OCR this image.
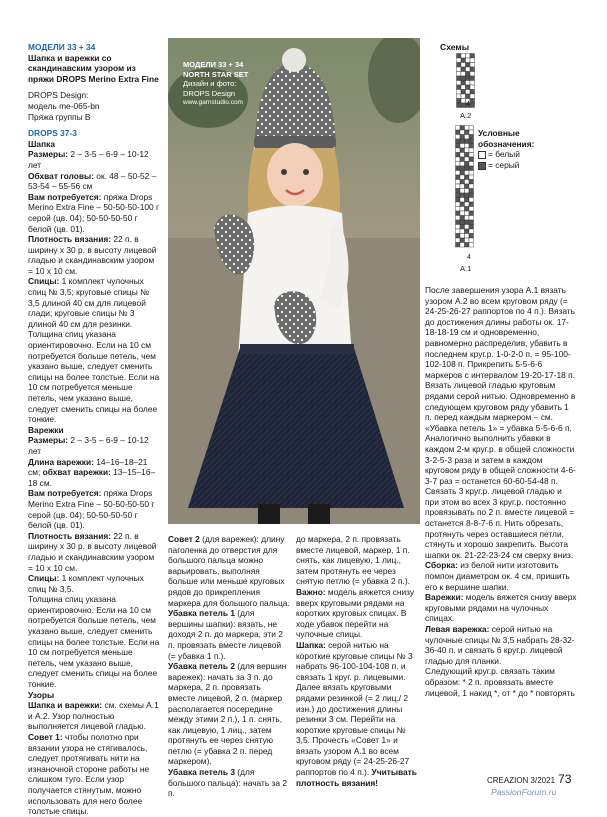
МОДЕЛИ 33 + 34

Шапка и варежки со скандинавским узором из пряжи DROPS Merino Extra Fine

DROPS Design:

модель me-065-bn

Пряжа группы B

DROPS 37-3

Шапка

Размеры: 2 – 3-5 – 6-9 – 10-12 лет

Обхват головы: ок. 48 – 50-52 – 53-54 – 55-56 см

Вам потребуется: пряжа Drops Merino Extra Fine – 50-50-50-100 г серой (цв. 04); 50-50-50-50 г белой (цв. 01).

Плотность вязания: 22 п. в ширину х 30 р. в высоту лицевой гладью и скандинавским узором = 10 x 10 см.

Спицы: 1 комплект чулочных спиц № 3,5; круговые спицы № 3,5 длиной 40 см для лицевой глади; круговые спицы № 3 длиной 40 см для резинки.

Толщина спиц указана ориентировочно. Если на 10 см потребуется больше петель, чем указано выше, следует сменить спицы на более толстые. Если на 10 см потребуется меньше петель, чем указано выше, следует сменить спицы на более тонкие.

Варежки

Размеры: 2 – 3-5 – 6-9 – 10-12 лет

Длина варежки: 14–16–18–21 см; обхват варежки: 13–15–16–18 см.

Вам потребуется: пряжа Drops Merino Extra Fine – 50-50-50-50 г серой (цв. 04); 50-50-50-50 г белой (цв. 01).

Плотность вязания: 22 п. в ширину х 30 р. в высоту лицевой гладью и скандинавским узором = 10 x 10 см.

Спицы: 1 комплект чулочных спиц № 3,5.

Толщина спиц указана ориентировочно. Если на 10 см потребуется больше петель, чем указано выше, следует сменить спицы на более толстые. Если на 10 см потребуется меньше петель, чем указано выше, следует сменить спицы на более тонкие.

Узоры

Шапка и варежки: см. схемы А.1 и А.2. Узор полностью выполняется лицевой гладью.

Совет 1: чтобы полотно при вязании узора не стягивалось, следует протягивать нити на изнаночной стороне работы не слишком туго. Если узор получается стянутым, можно использовать для него более толстые спицы.

МОДЕЛИ 33 + 34
NORTH STAR SET
Дизайн и фото:
DROPS Design
www.garnstudio.com
Схемы
4
A.2
4
A.1
Условные
обозначения:
= белый
= серый

Совет 2 (для варежек): длину паголенка до отверстия для большого пальца можно варьировать, выполняя больше или меньше круговых рядов до прикрепления маркера для большого пальца.

Убавка петель 1 (для вершины шапки): вязать, не доходя 2 п. до маркера, эти 2 п. провязать вместе лицевой (= убавка 1 п.).

Убавка петель 2 (для вершин варежек): начать за 3 п. до маркера, 2 п. провязать вместе лицевой, 2 п. (маркер располагается посередине между этими 2 п.), 1 п. снять, как лицевую, 1 лиц., затем протянуть ее через снятую петлю (= убавка 2 п. перед маркером).

Убавка петель 3 (для большого пальца): начать за 2 п.

до маркера, 2 п. провязать вместе лицевой, маркер, 1 п. снять, как лицевую, 1 лиц., затем протянуть ее через снятую петлю (= убавка 2 п.).

Важно: модель вяжется снизу вверх круговыми рядами на коротких круговых спицах. В ходе убавок перейти на чулочные спицы.

Шапка: серой нитью на короткие круговые спицы № 3 набрать 96-100-104-108 п. и связать 1 круг. р. лицевыми. Далее вязать круговыми рядами резинкой (= 2 лиц./ 2 изн.) до достижения длины резинки 3 см. Перейти на короткие круговые спицы № 3,5. Прочесть «Совет 1» и вязать узором А.1 во всем круговом ряду (= 24-25-26-27 раппортов по 4 п.). Учитывать плотность вязания!

После завершения узора А.1 вязать узором А.2 во всем круговом ряду (= 24-25-26-27 раппортов по 4 п.). Вязать до достижения длины работы ок. 17-18-18-19 см и одновременно, равномерно распределив, убавить в последнем круг.р. 1-0-2-0 п. = 95-100-102-108 п. Прикрепить 5-5-6-6 маркеров с интервалом 19-20-17-18 п. Вязать лицевой гладью круговым рядами серой нитью. Одновременно в следующем круговом ряду убавить 1 п. перед каждым маркером – см. «Убавка петель 1» = убавка 5-5-6-6 п. Аналогично выполнить убавки в каждом 2-м круг.р. в общей сложности 3-2-5-3 раза и затем в каждом круговом ряду в общей сложности 4-6-3-7 раз = останется 60-60-54-48 п. Связать 3 круг.р. лицевой гладью и при этом во всех 3 круг.р. постоянно провязывать по 2 п. вместе лицевой = останется 8-8-7-6 п. Нить обрезать, протянуть через оставшиеся петли, стянуть и хорошо закрепить. Высота шапки ок. 21-22-23-24 см сверху вниз.

Сборка: из белой нити изготовить помпон диаметром ок. 4 см, пришить его к вершине шапки.

Варежки: модель вяжется снизу вверх круговыми рядами на чулочных спицах.

Левая варежка: серой нитью на чулочные спицы № 3,5 набрать 28-32-36-40 п. и связать 6 круг.р. лицевой гладью для планки.

Следующий круг.р. связать таким образом: * 2 п. провязать вместе лицевой, 1 накид *, от * до * повторять

CREAZION 3/2021 73
PassionForum.ru
